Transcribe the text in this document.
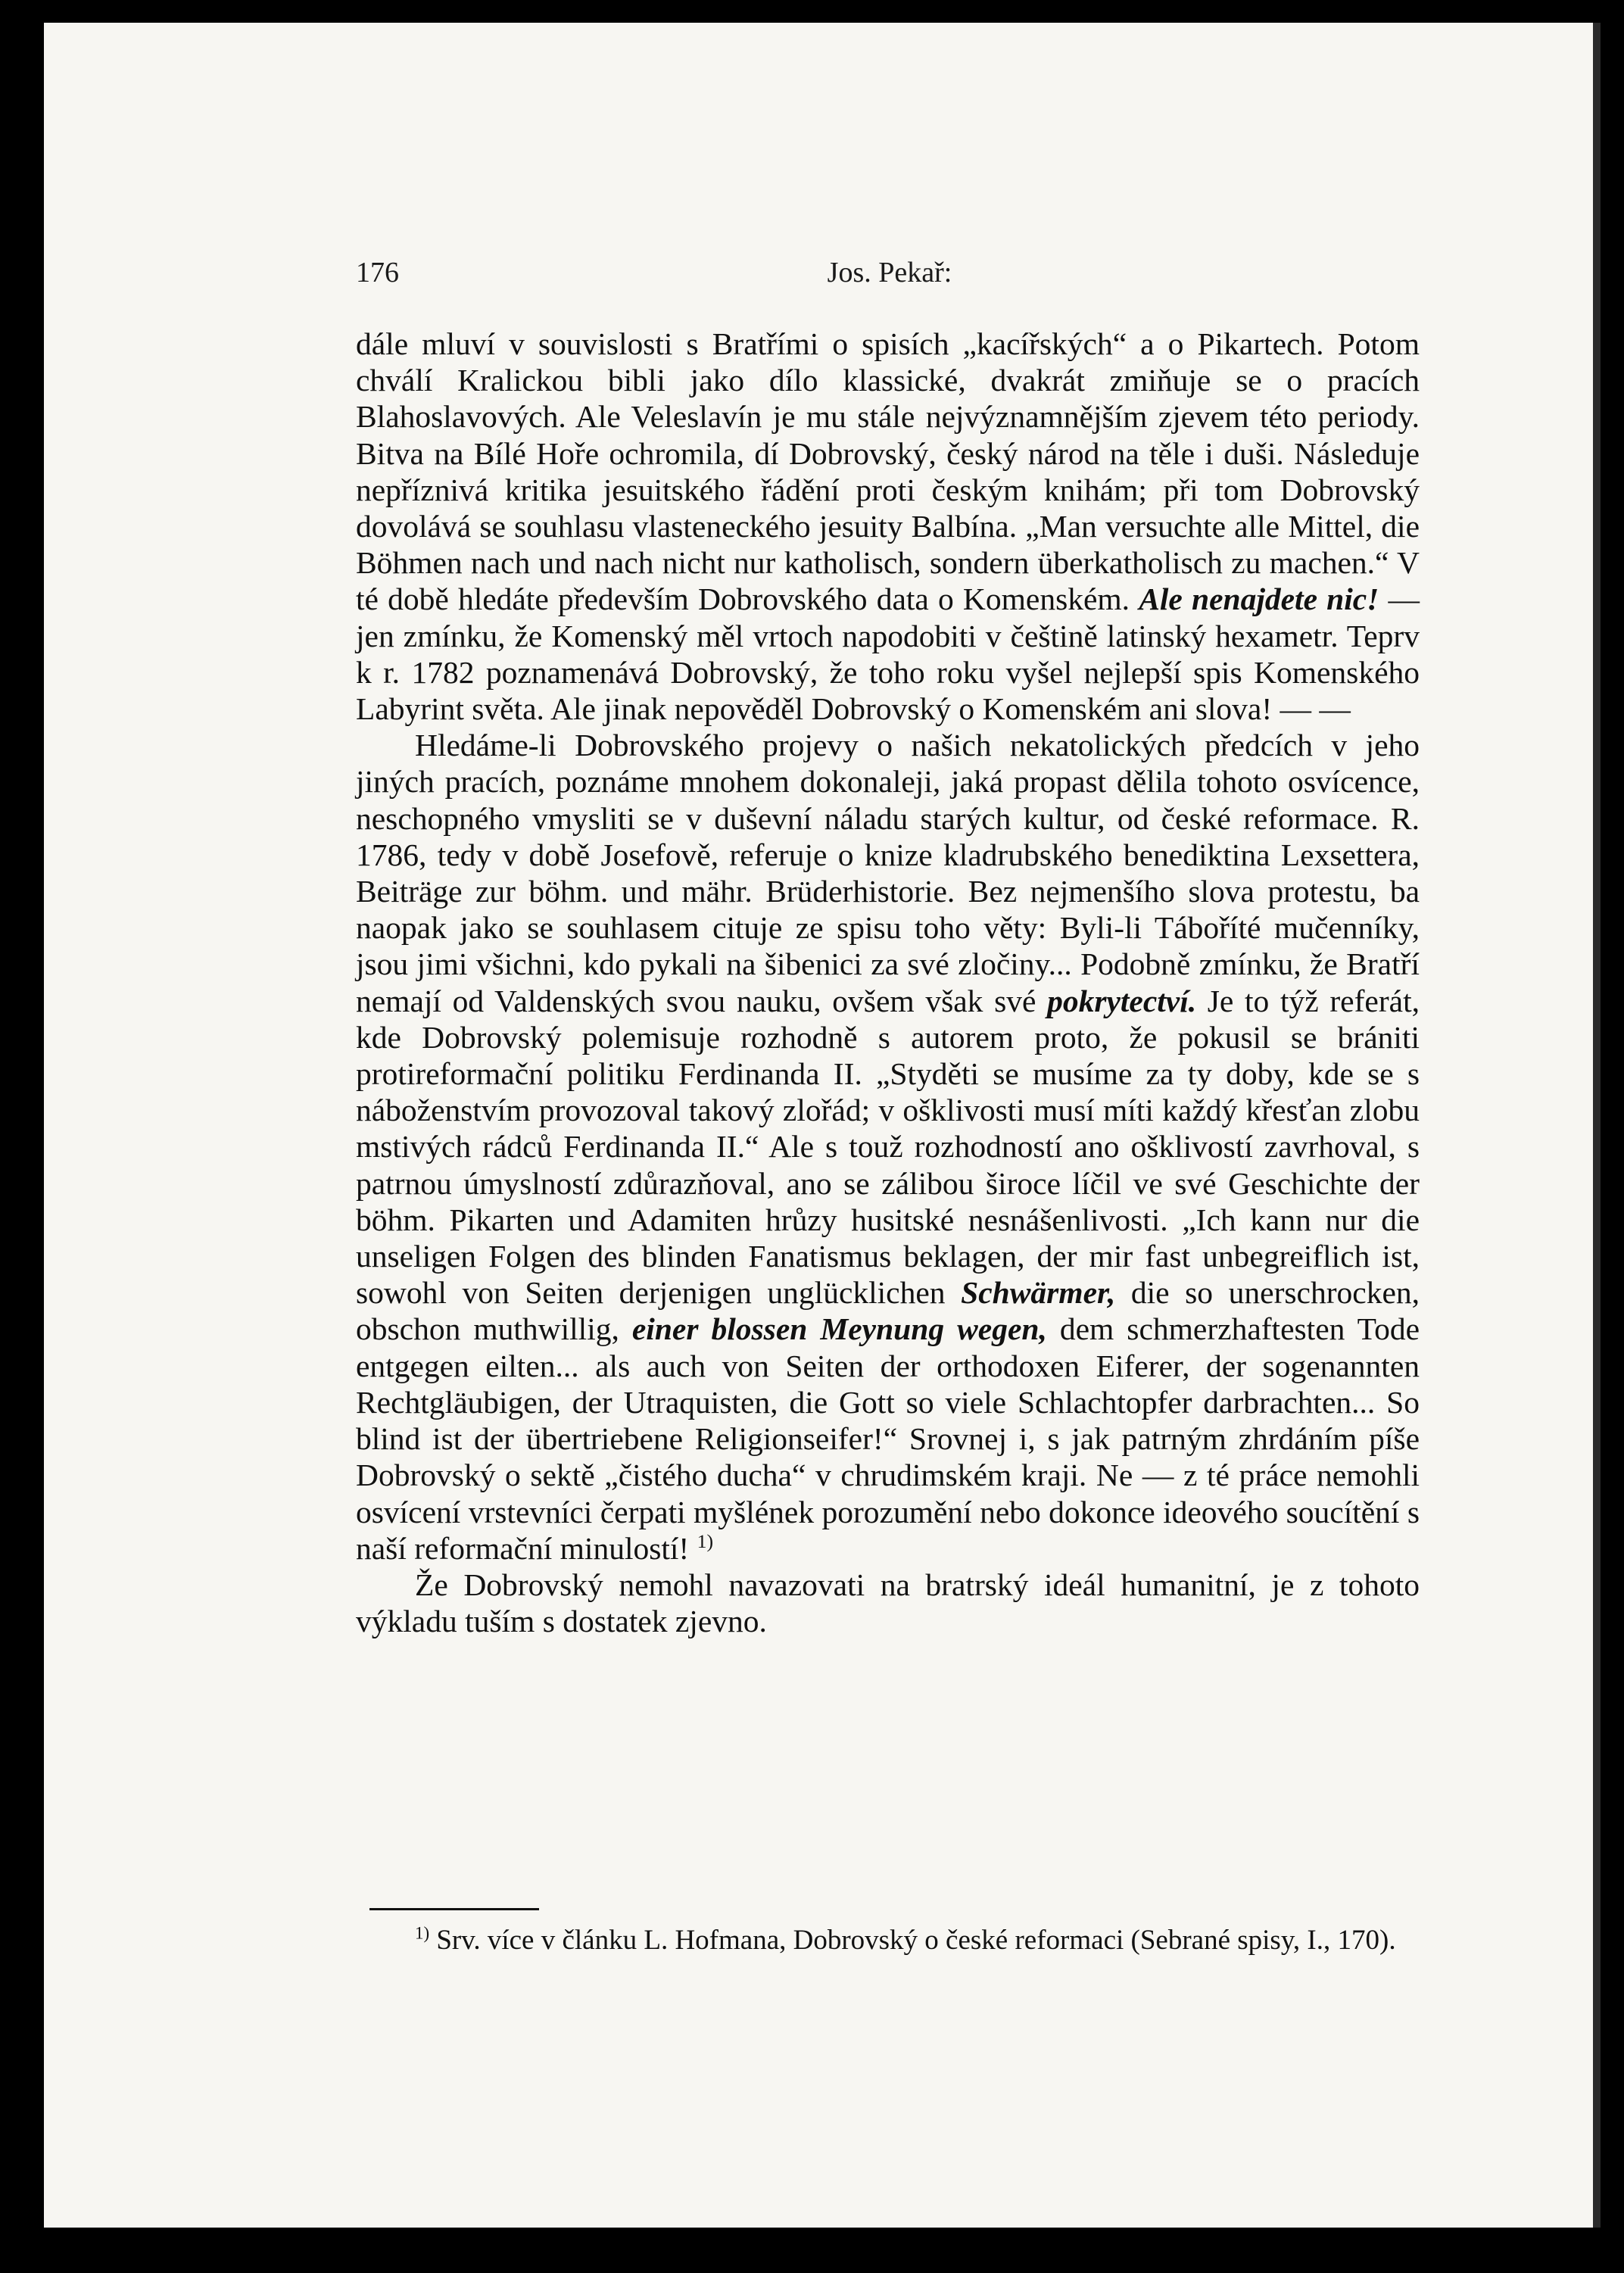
176	Jos. Pekař:

dále mluví v souvislosti s Bratřími o spisích „kacířských“ a o Pikartech. Potom chválí Kralickou bibli jako dílo klassické, dvakrát zmiňuje se o pracích Blahoslavových. Ale Veleslavín je mu stále nejvýznamnějším zjevem této periody. Bitva na Bílé Hoře ochromila, dí Dobrovský, český národ na těle i duši. Následuje nepříznivá kritika jesuitského řádění proti českým knihám; při tom Dobrovský dovolává se souhlasu vlasteneckého jesuity Balbína. „Man versuchte alle Mittel, die Böhmen nach und nach nicht nur katholisch, sondern überkatholisch zu machen.“ V té době hledáte především Dobrovského data o Komenském. Ale nenajdete nic! — jen zmínku, že Komenský měl vrtoch napodobiti v češtině latinský hexametr. Teprv k r. 1782 poznamenává Dobrovský, že toho roku vyšel nejlepší spis Komenského Labyrint světa. Ale jinak nepověděl Dobrovský o Komenském ani slova! — —

Hledáme-li Dobrovského projevy o našich nekatolických předcích v jeho jiných pracích, poznáme mnohem dokonaleji, jaká propast dělila tohoto osvícence, neschopného vmysliti se v duševní náladu starých kultur, od české reformace. R. 1786, tedy v době Josefově, referuje o knize kladrubského benediktina Lexsettera, Beiträge zur böhm. und mähr. Brüderhistorie. Bez nejmenšího slova protestu, ba naopak jako se souhlasem cituje ze spisu toho věty: Byli-li Táboříté mučenníky, jsou jimi všichni, kdo pykali na šibenici za své zločiny... Podobně zmínku, že Bratří nemají od Valdenských svou nauku, ovšem však své pokrytectví. Je to týž referát, kde Dobrovský polemisuje rozhodně s autorem proto, že pokusil se brániti protireformační politiku Ferdinanda II. „Styděti se musíme za ty doby, kde se s náboženstvím provozoval takový zlořád; v ošklivosti musí míti každý křesťan zlobu mstivých rádců Ferdinanda II.“ Ale s touž rozhodností ano ošklivostí zavrhoval, s patrnou úmyslností zdůrazňoval, ano se zálibou široce líčil ve své Geschichte der böhm. Pikarten und Adamiten hrůzy husitské nesnášenlivosti. „Ich kann nur die unseligen Folgen des blinden Fanatismus beklagen, der mir fast unbegreiflich ist, sowohl von Seiten derjenigen unglücklichen Schwärmer, die so unerschrocken, obschon muthwillig, einer blossen Meynung wegen, dem schmerzhaftesten Tode entgegen eilten... als auch von Seiten der orthodoxen Eiferer, der sogenannten Rechtgläubigen, der Utraquisten, die Gott so viele Schlachtopfer darbrachten... So blind ist der übertriebene Religionseifer!“ Srovnej i, s jak patrným zhrdáním píše Dobrovský o sektě „čistého ducha“ v chrudimském kraji. Ne — z té práce nemohli osvícení vrstevníci čerpati myšlének porozumění nebo dokonce ideového soucítění s naší reformační minulostí! $^{1)}$

Že Dobrovský nemohl navazovati na bratrský ideál humanitní, je z tohoto výkladu tuším s dostatek zjevno.

$^{1)}$ Srv. více v článku L. Hofmana, Dobrovský o české reformaci (Sebrané spisy, I., 170).
